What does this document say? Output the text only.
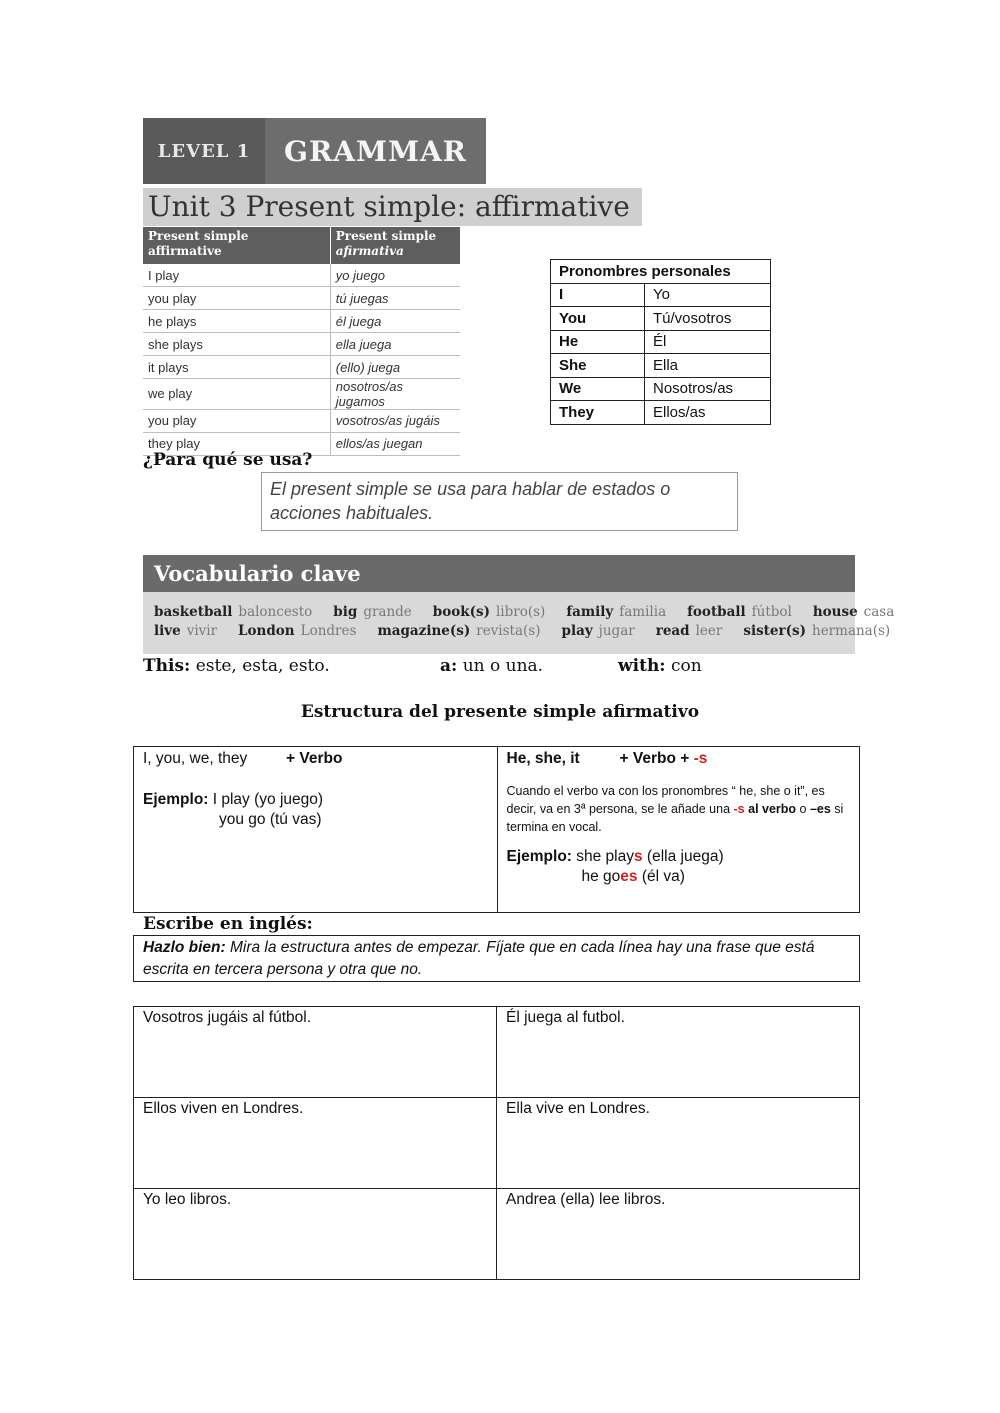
LEVEL 1	GRAMMAR
Unit 3 Present simple: affirmative
Present simple affirmative	Present simple
afirmativa
I play	yo juego
you play	tú juegas
he plays	él juega
she plays	ella juega
it plays	(ello) juega
we play	nosotros/as jugamos
you play	vosotros/as jugáis
they play	ellos/as juegan
Pronombres personales	
I	Yo
You	Tú/vosotros
He	Él
She	Ella
We	Nosotros/as
They	Ellos/as
¿Para qué se usa?
El present simple se usa para hablar de estados o acciones habituales.
Vocabulario clave
basketball baloncesto big grande book(s) libro(s) family familia football fútbol house casa
live vivir London Londres magazine(s) revista(s) play jugar read leer sister(s) hermana(s)
This: este, esta, esto.	a: un o una.	with: con
Estructura del presente simple afirmativo
I, you, we, they	+ Verbo
Ejemplo: I play (yo juego)
you go (tú vas)
He, she, it	+ Verbo + -s
Cuando el verbo va con los pronombres “ he, she o it”, es decir, va en 3ª persona, se le añade una -s al verbo o –es si termina en vocal.
Ejemplo: she plays (ella juega)
he goes (él va)
Escribe en inglés:
Hazlo bien: Mira la estructura antes de empezar. Fíjate que en cada línea hay una frase que está escrita en tercera persona y otra que no.
Vosotros jugáis al fútbol.	Él juega al futbol.
Ellos viven en Londres.	Ella vive en Londres.
Yo leo libros.	Andrea (ella) lee libros.
